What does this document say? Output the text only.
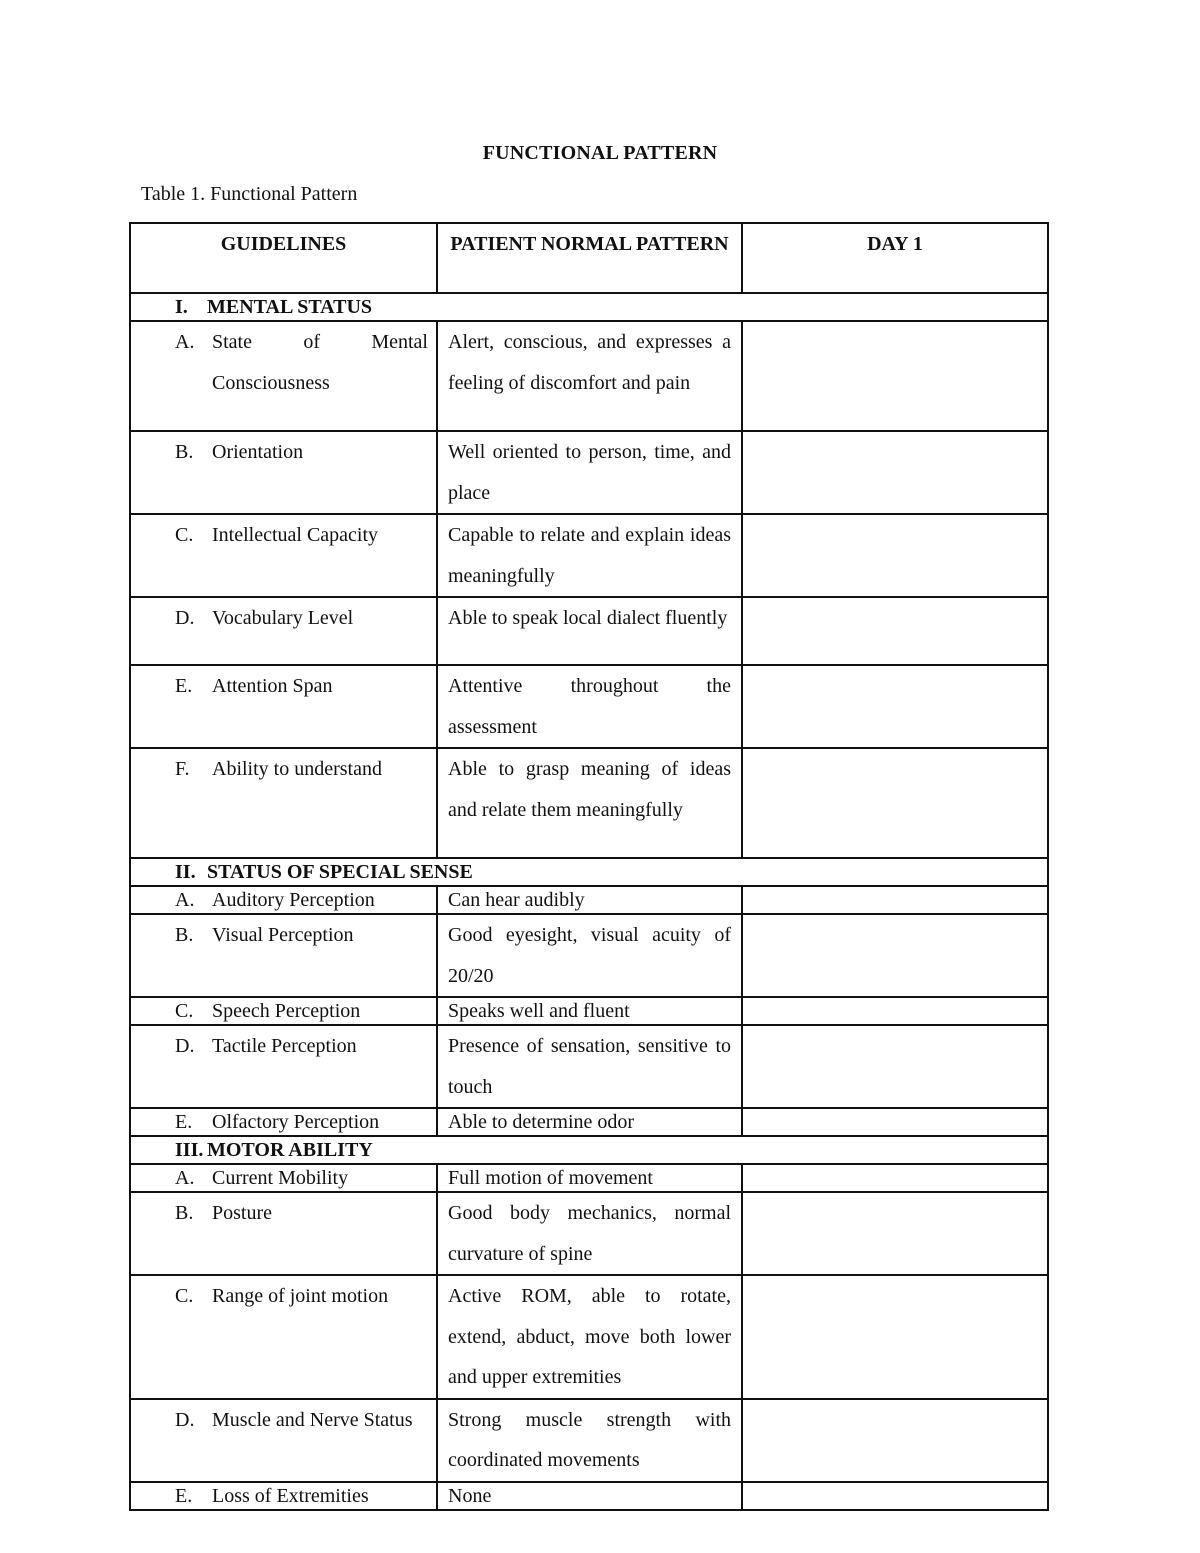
FUNCTIONAL PATTERN
Table 1. Functional Pattern
GUIDELINES	PATIENT NORMAL PATTERN	DAY 1
I. MENTAL STATUS		

A. State of Mental Consciousness	Alert, conscious, and expresses a feeling of discomfort and pain	

B. Orientation	Well oriented to person, time, and place	

C. Intellectual Capacity	Capable to relate and explain ideas meaningfully	

D. Vocabulary Level	Able to speak local dialect fluently	

E. Attention Span	Attentive throughout the assessment	

F. Ability to understand	Able to grasp meaning of ideas and relate them meaningfully	
II. STATUS OF SPECIAL SENSE		

A. Auditory Perception	Can hear audibly	

B. Visual Perception	Good eyesight, visual acuity of 20/20	

C. Speech Perception	Speaks well and fluent	

D. Tactile Perception	Presence of sensation, sensitive to touch	

E. Olfactory Perception	Able to determine odor	
III. MOTOR ABILITY		

A. Current Mobility	Full motion of movement	

B. Posture	Good body mechanics, normal curvature of spine	

C. Range of joint motion	Active ROM, able to rotate, extend, abduct, move both lower and upper extremities	

D. Muscle and Nerve Status	Strong muscle strength with coordinated movements	

E. Loss of Extremities	None	
